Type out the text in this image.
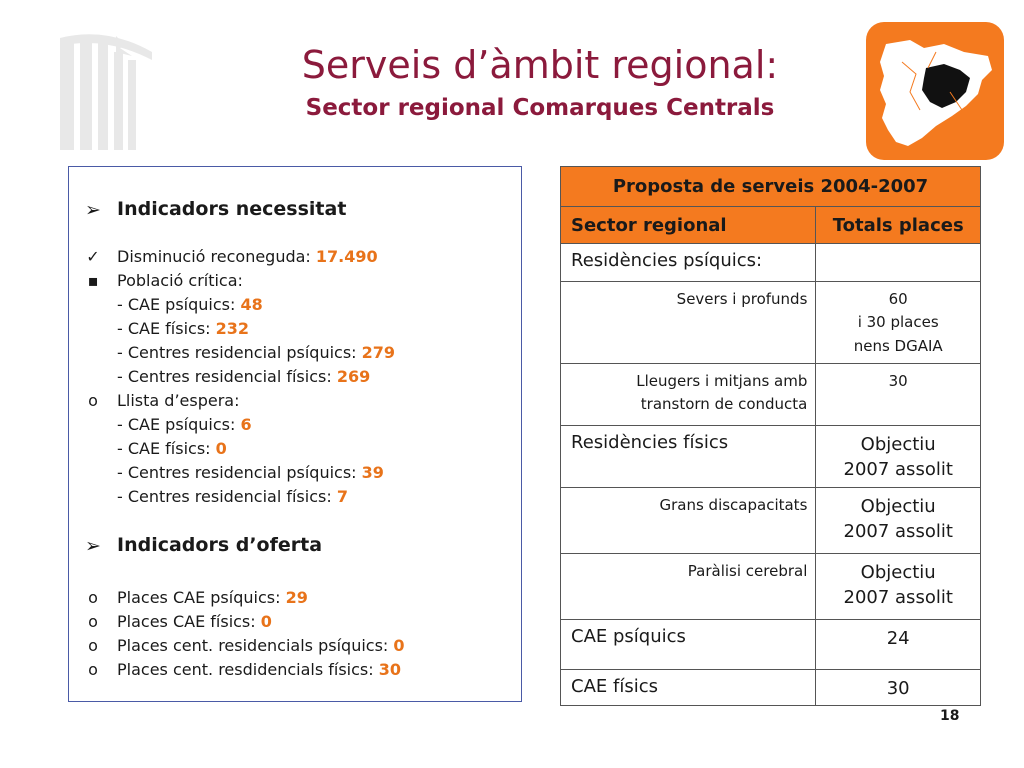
Serveis d’àmbit regional:
Sector regional Comarques Centrals
➢ Indicadors necessitat
➢ Indicadors d’oferta
✓	Disminució reconeguda: 17.490
▪	Població crítica:
- CAE psíquics: 48
- CAE físics: 232
- Centres residencial psíquics: 279
- Centres residencial físics: 269
o	Llista d’espera:
- CAE psíquics: 6
- CAE físics: 0
- Centres residencial psíquics: 39
- Centres residencial físics: 7
o	Places CAE psíquics: 29
o	Places CAE físics: 0
o	Places cent. residencials psíquics: 0
o	Places cent. resdidencials físics: 30
Proposta de serveis 2004-2007	
Sector regional	Totals places
Residències psíquics:	
Severs i profunds	60
i 30 places
nens DGAIA
Lleugers i mitjans amb
transtorn de conducta	30
Residències físics	Objectiu
2007 assolit
Grans discapacitats	Objectiu
2007 assolit
Paràlisi cerebral	Objectiu
2007 assolit
CAE psíquics	24
CAE físics	30
18
